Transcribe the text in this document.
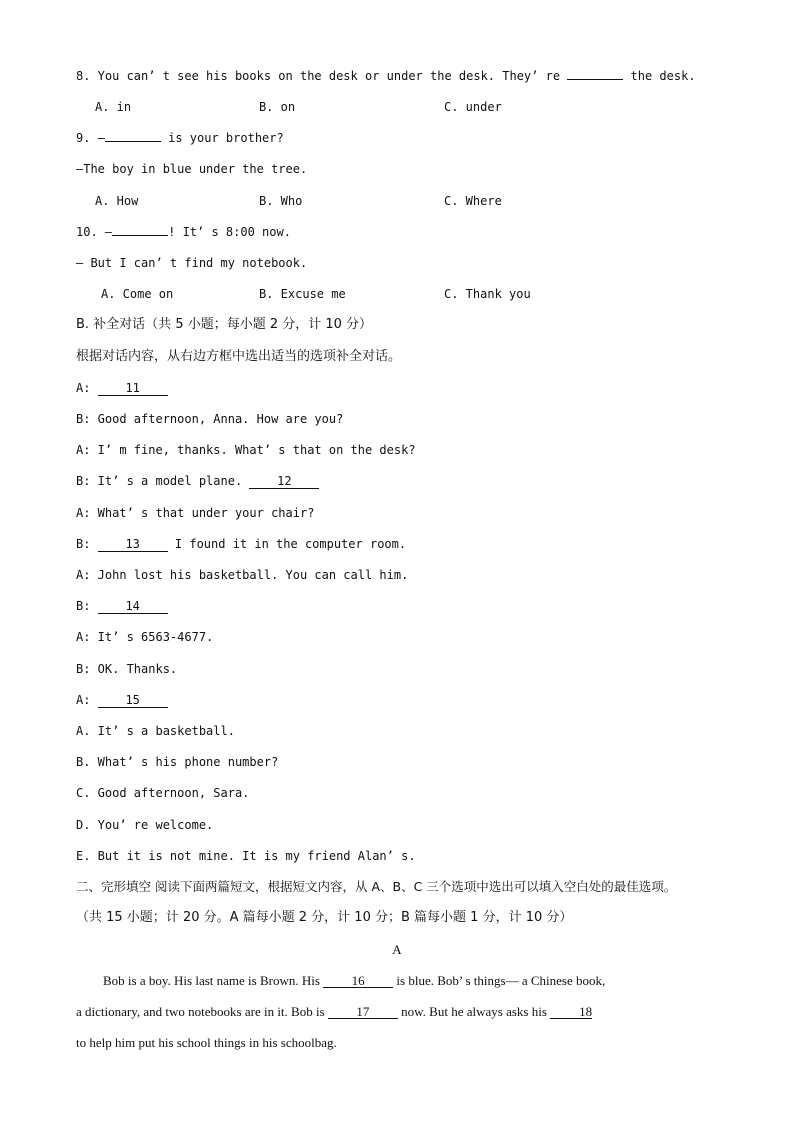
8. You can’ t see his books on the desk or under the desk. They’ re	the desk.
A. in	B. on	C. under
9. —	is your brother?
—The boy in blue under the tree.
A. How	B. Who	C. Where
10. —	! It’ s 8:00 now.
— But I can’ t find my notebook.
A. Come on	B. Excuse me	C. Thank you
B. 补全对话（共 5 小题；每小题 2 分，计 10 分）
根据对话内容，从右边方框中选出适当的选项补全对话。
A: 11
B: Good afternoon, Anna. How are you?
A: I’ m fine, thanks. What’ s that on the desk?
B: It’ s a model plane. 12
A: What’ s that under your chair?
B: 13 I found it in the computer room.
A: John lost his basketball. You can call him.
B: 14
A: It’ s 6563-4677.
B: OK. Thanks.
A: 15
A. It’ s a basketball.
B. What’ s his phone number?
C. Good afternoon, Sara.
D. You’ re welcome.
E. But it is not mine. It is my friend Alan’ s.
二、完形填空 阅读下面两篇短文，根据短文内容，从 A、B、C 三个选项中选出可以填入空白处的最佳选项。
（共 15 小题；计 20 分。A 篇每小题 2 分，计 10 分；B 篇每小题 1 分，计 10 分）
A
Bob is a boy. His last name is Brown. His 16 is blue. Bob’ s things— a Chinese book,
a dictionary, and two notebooks are in it. Bob is 17 now. But he always asks his 18
to help him put his school things in his schoolbag.
